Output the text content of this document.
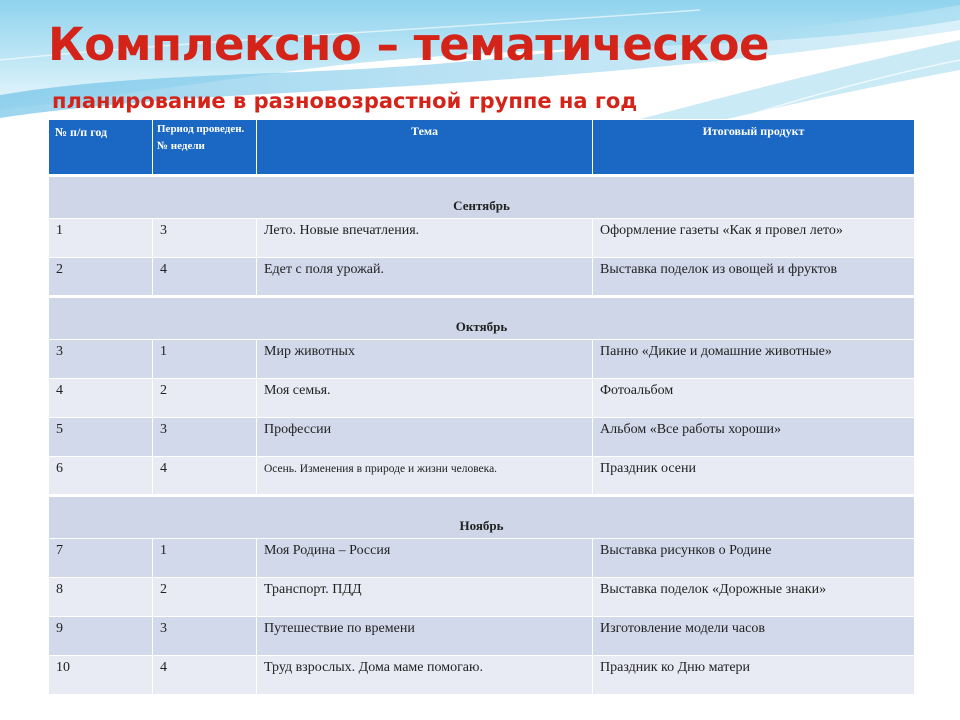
Комплексно – тематическое
планирование в разновозрастной группе на год
№ п/п год	Период проведен.№ недели	Тема	Итоговый продукт
Сентябрь			
1	3	Лето. Новые впечатления.	Оформление газеты «Как я провел лето»
2	4	Едет с поля урожай.	Выставка поделок из овощей и фруктов
Октябрь			
3	1	Мир животных	Панно «Дикие и домашние животные»
4	2	Моя семья.	Фотоальбом
5	3	Профессии	Альбом «Все работы хороши»
6	4	Осень. Изменения в природе и жизни человека.	Праздник осени
Ноябрь			
7	1	Моя Родина – Россия	Выставка рисунков о Родине
8	2	Транспорт. ПДД	Выставка поделок «Дорожные знаки»
9	3	Путешествие по времени	Изготовление модели часов
10	4	Труд взрослых. Дома маме помогаю.	Праздник ко Дню матери
